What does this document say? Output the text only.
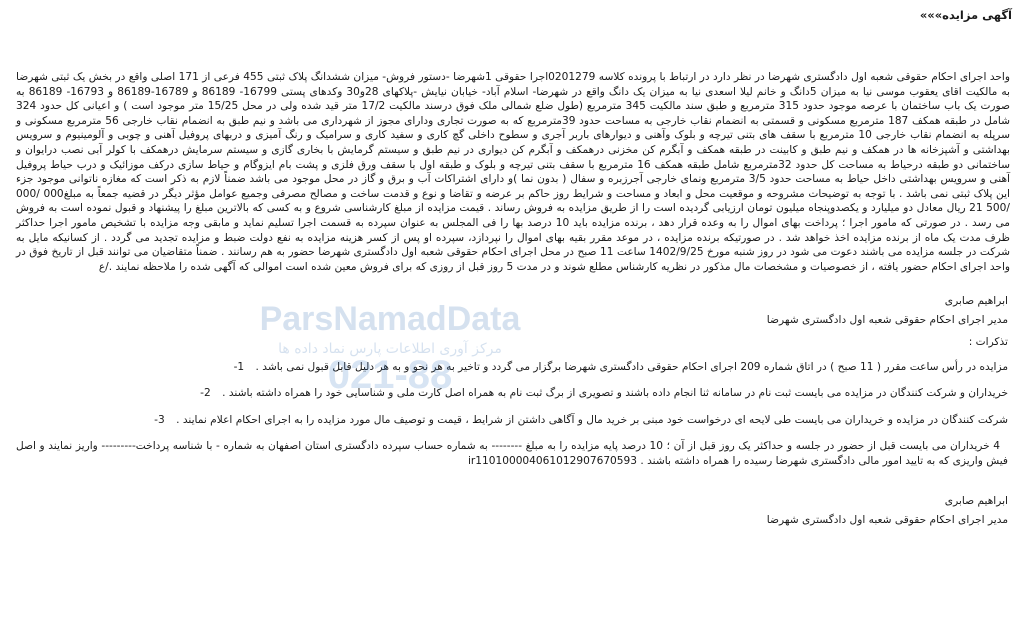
آگهی مزایده»»»
واحد اجرای احکام حقوقی شعبه اول دادگستری شهرضا در نظر دارد در ارتباط با پرونده کلاسه 0201279اجرا حقوقی 1شهرضا -دستور فروش- میزان ششدانگ پلاک ثبتی 455 فرعی از 171 اصلی واقع در بخش یک ثبتی شهرضا به مالکیت اقای یعقوب موسی نیا به میزان 5دانگ و خانم لیلا اسعدی نیا به میزان یک دانگ واقع در شهرضا- اسلام آباد- خیابان نیایش -پلاکهای 28و30 وکدهای پستی 16799- 86189 و 16789-86189 و 16793- 86189 به صورت یک باب ساختمان با عرصه موجود حدود 315 مترمربع و طبق سند مالکیت 345 مترمربع (طول ضلع شمالی ملک فوق درسند مالکیت 17/2 متر قید شده ولی در محل 15/25 متر موجود است ) و اعیانی کل حدود 324 شامل در طبقه همکف 187 مترمربع مسکونی و قسمتی به انضمام نقاب خارجی به مساحت حدود 39مترمربع که به صورت تجاری ودارای مجوز از شهرداری می باشد و نیم طبق به انضمام نقاب خارجی 56 مترمربع مسکونی و سرپله به انضمام نقاب خارجی 10 مترمربع با سقف های بتنی تیرچه و بلوک وآهنی و دیوارهای باربر آجری و سطوح داخلی گچ کاری و سفید کاری و سرامیک و رنگ آمیزی و دربهای پروفیل آهنی و چوبی و آلومینیوم و سرویس بهداشتی و آشپزخانه ها در همکف و نیم طبق و کابینت در طبقه همکف و آبگرم کن مخزنی درهمکف و آبگرم کن دیواری در نیم طبق و سیستم گرمایش با بخاری گازی و سیستم سرمایش درهمکف با کولر آبی نصب درایوان و ساختمانی دو طبقه درحیاط به مساحت کل حدود 32مترمربع شامل طبقه همکف 16 مترمربع با سقف بتنی تیرچه و بلوک و طبقه اول با سقف ورق فلزی و پشت بام ایزوگام و حیاط سازی درکف موزائیک و درب حیاط پروفیل آهنی و سرویس بهداشتی داخل حیاط به مساحت حدود 3/5 مترمربع ونمای خارجی آجرزبره و سفال ( بدون نما )و دارای اشتراکات آب و برق و گاز در محل موجود می باشد ضمناً لازم به ذکر است که مغازه ناتوانی موجود جزء این پلاک ثبتی نمی باشد . با توجه به توضیحات مشروحه و موقعیت محل و ابعاد و مساحت و شرایط روز حاکم بر عرضه و تقاضا و نوع و قدمت ساخت و مصالح مصرفی وجمیع عوامل مؤثر دیگر در قضیه جمعاً به مبلغ000 /000 /500 21 ریال معادل دو میلیارد و یکصدوپنجاه میلیون تومان ارزیابی گردیده است را از طریق مزایده به فروش رساند . قیمت مزایده از مبلغ کارشناسی شروع و به کسی که بالاترین مبلغ را پیشنهاد و قبول نموده است به فروش می رسد . در صورتی که مامور اجرا ؛ پرداخت بهای اموال را به وعده قرار دهد ، برنده مزایده باید 10 درصد بها را فی المجلس به عنوان سپرده به قسمت اجرا تسلیم نماید و مابقی وجه مزایده با تشخیص مامور اجرا حداکثر ظرف مدت یک ماه از برنده مزایده اخذ خواهد شد . در صورتیکه برنده مزایده ، در موعد مقرر بقیه بهای اموال را نپردازد، سپرده او پس از کسر هزینه مزایده به نفع دولت ضبط و مزایده تجدید می گردد . از کسانیکه مایل به شرکت در جلسه مزایده می باشند دعوت می شود در روز شنبه مورخ 1402/9/25 ساعت 11 صبح در محل اجرای احکام حقوقی شعبه اول دادگستری شهرضا حضور به هم رسانند . ضمناً متقاضیان می توانند قبل از تاریخ فوق در واحد اجرای احکام حضور یافته ، از خصوصیات و مشخصات مال مذکور در نظریه کارشناس مطلع شوند و در مدت 5 روز قبل از روزی که برای فروش معین شده است اموالی که آگهی شده را ملاحظه نمایند ./ع
ابراهیم صابری
مدیر اجرای احکام حقوقی شعبه اول دادگستری شهرضا
تذکرات :
مزایده در رأس ساعت مقرر ( 11 صبح ) در اتاق شماره 209 اجرای احکام حقوقی دادگستری شهرضا برگزار می گردد و تاخیر به هر نحو و به هر دلیل قابل قبول نمی باشد . 1-
خریداران و شرکت کنندگان در مزایده می بایست ثبت نام در سامانه ثنا انجام داده باشند و تصویری از برگ ثبت نام به همراه اصل کارت ملی و شناسایی خود را همراه داشته باشند . 2-
شرکت کنندگان در مزایده و خریداران می بایست طی لایحه ای درخواست خود مبنی بر خرید مال و آگاهی داشتن از شرایط ، قیمت و توصیف مال مورد مزایده را به اجرای احکام اعلام نمایند . 3-
4 خریداران می بایست قبل از حضور در جلسه و حداکثر یک روز قبل از آن ؛ 10 درصد پایه مزایده را به مبلغ -------- به شماره حساب سپرده دادگستری استان اصفهان به شماره - با شناسه پرداخت--------- واریز نمایند و اصل فیش واریزی که به تایید امور مالی دادگستری شهرضا رسیده را همراه داشته باشند . ir110100004061012907670593
ابراهیم صابری
مدیر اجرای احکام حقوقی شعبه اول دادگستری شهرضا
ParsNamadData
مرکز آوری اطلاعات پارس نماد داده ها
021-88
